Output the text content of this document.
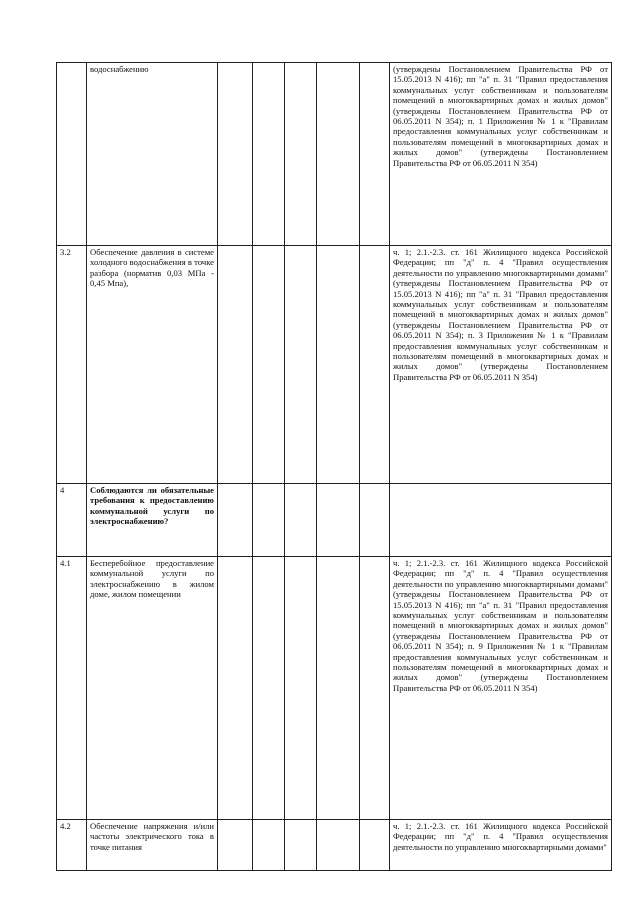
	водоснабжению						(утверждены Постановлением Правительства РФ от 15.05.2013 N 416); пп "а" п. 31 "Правил предоставления коммунальных услуг собственникам и пользователям помещений в многоквартирных домах и жилых домов" (утверждены Постановлением Правительства РФ от 06.05.2011 N 354); п. 1 Приложения № 1 к "Правилам предоставления коммунальных услуг собственникам и пользователям помещений в многоквартирных домах и жилых домов" (утверждены Постановлением Правительства РФ от 06.05.2011 N 354)
3.2	Обеспечение давления в системе холодного водоснабжения в точке разбора (норматив 0,03 МПа - 0,45 Мпа),						ч. 1; 2.1.-2.3. ст. 161 Жилищного кодекса Российской Федерации; пп "д" п. 4 "Правил осуществления деятельности по управлению многоквартирными домами" (утверждены Постановлением Правительства РФ от 15.05.2013 N 416); пп "а" п. 31 "Правил предоставления коммунальных услуг собственникам и пользователям помещений в многоквартирных домах и жилых домов" (утверждены Постановлением Правительства РФ от 06.05.2011 N 354); п. 3 Приложения № 1 к "Правилам предоставления коммунальных услуг собственникам и пользователям помещений в многоквартирных домах и жилых домов" (утверждены Постановлением Правительства РФ от 06.05.2011 N 354)
4	Соблюдаются ли обязательные требования к предоставлению коммунальной услуги по электроснабжению?						
4.1	Бесперебойное предоставление коммунальной услуги по электроснабжению в жилом доме, жилом помещении						ч. 1; 2.1.-2.3. ст. 161 Жилищного кодекса Российской Федерации; пп "д" п. 4 "Правил осуществления деятельности по управлению многоквартирными домами" (утверждены Постановлением Правительства РФ от 15.05.2013 N 416); пп "а" п. 31 "Правил предоставления коммунальных услуг собственникам и пользователям помещений в многоквартирных домах и жилых домов" (утверждены Постановлением Правительства РФ от 06.05.2011 N 354); п. 9 Приложения № 1 к "Правилам предоставления коммунальных услуг собственникам и пользователям помещений в многоквартирных домах и жилых домов" (утверждены Постановлением Правительства РФ от 06.05.2011 N 354)
4.2	Обеспечение напряжения и/или частоты электрического тока в точке питания						ч. 1; 2.1.-2.3. ст. 161 Жилищного кодекса Российской Федерации; пп "д" п. 4 "Правил осуществления деятельности по управлению многоквартирными домами"
